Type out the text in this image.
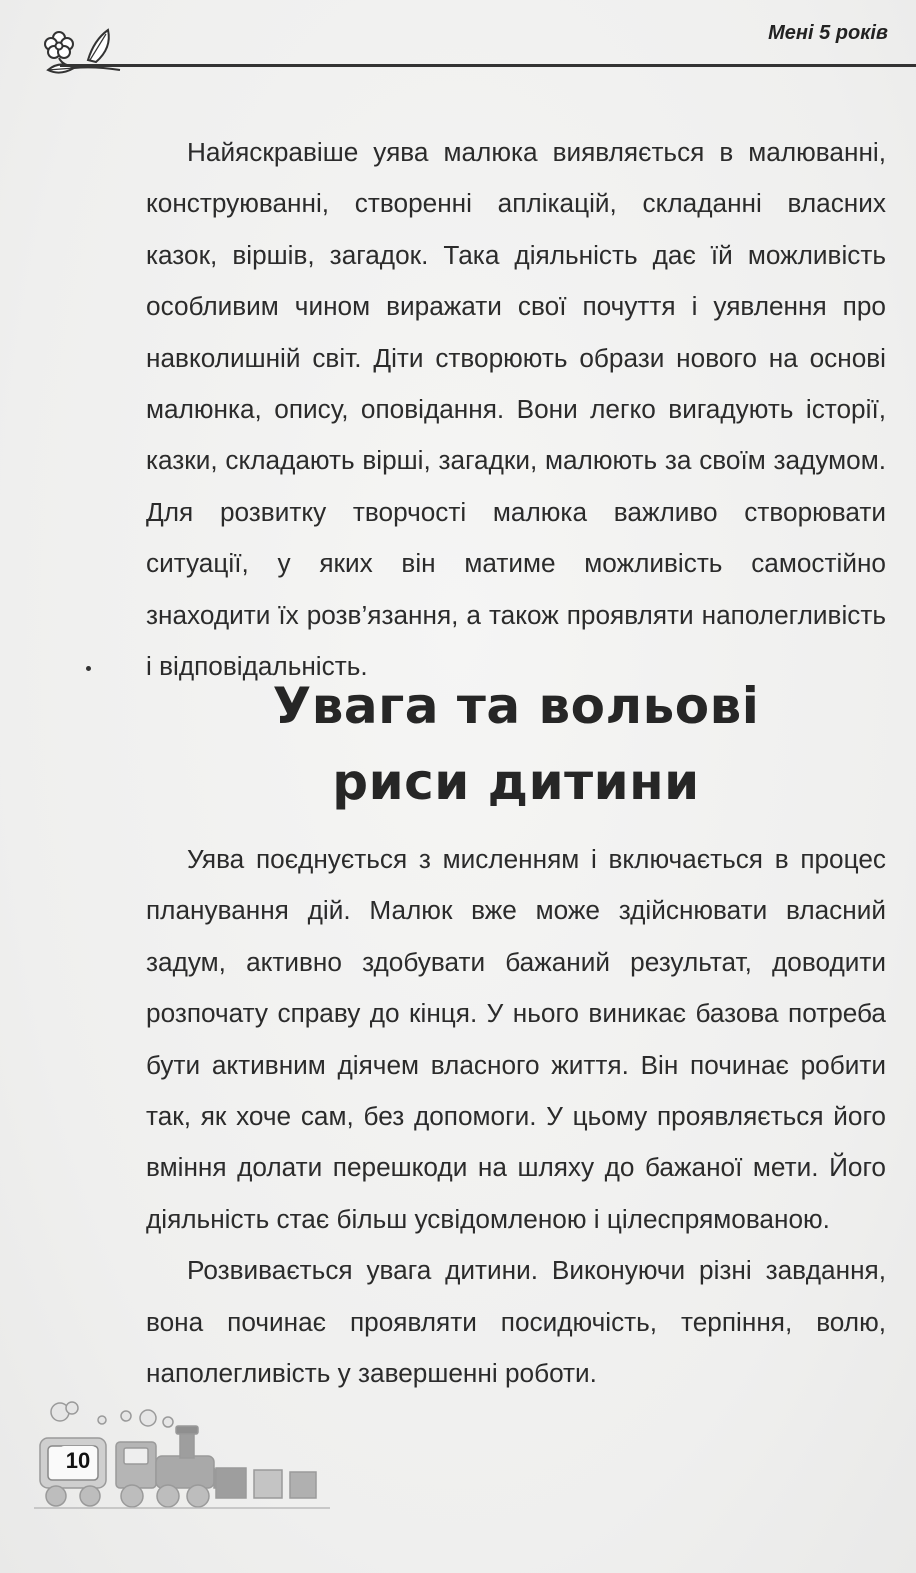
Мені 5 років

Найяскравіше уява малюка виявляється в малюванні, конструюванні, створенні аплікацій, складанні власних казок, віршів, загадок. Така діяльність дає їй можливість особливим чином виражати свої почуття і уявлення про навколишній світ. Діти створюють образи нового на основі малюнка, опису, оповідання. Вони легко вигадують історії, казки, складають вірші, загадки, малюють за своїм задумом. Для розвитку творчості малюка важливо створювати ситуації, у яких він матиме можливість самостійно знаходити їх розв’язання, а також проявляти наполегливість і відповідальність.

Увага та вольові
риси дитини

Уява поєднується з мисленням і включається в процес планування дій. Малюк вже може здійснювати власний задум, активно здобувати бажаний результат, доводити розпочату справу до кінця. У нього виникає базова потреба бути активним діячем власного життя. Він починає робити так, як хоче сам, без допомоги. У цьому проявляється його вміння долати перешкоди на шляху до бажаної мети. Його діяльність стає більш усвідомленою і цілеспрямованою.

Розвивається увага дитини. Виконуючи різні завдання, вона починає проявляти посидючість, терпіння, волю, наполегливість у завершенні роботи.

10
